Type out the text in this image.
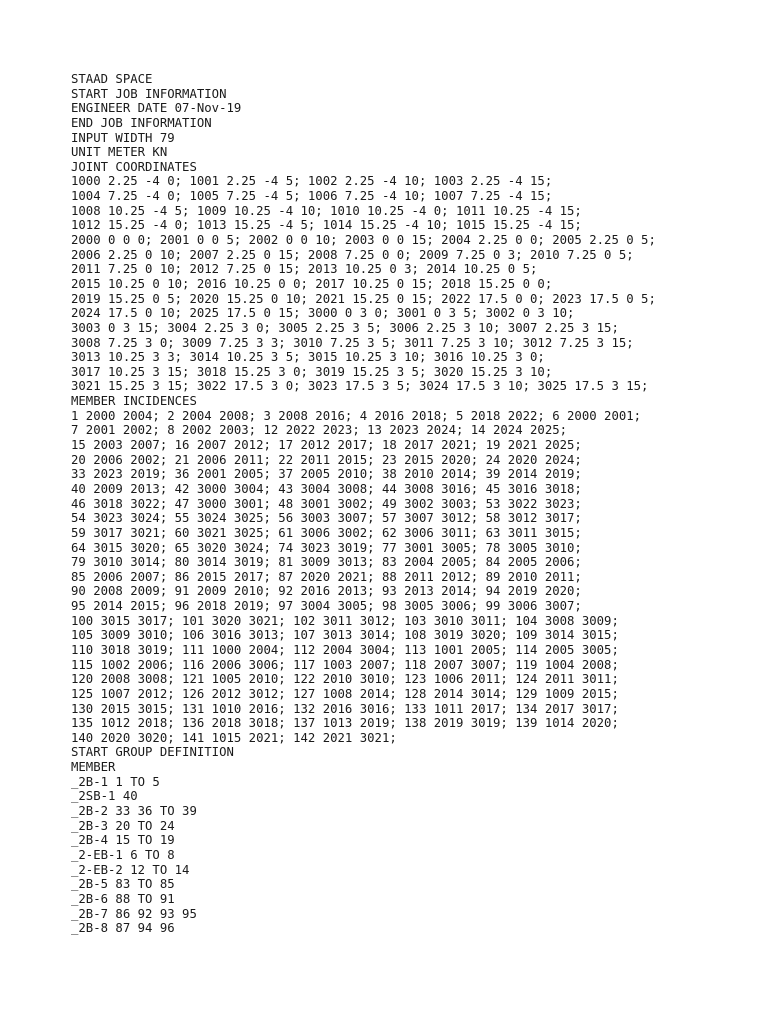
STAAD SPACE
START JOB INFORMATION
ENGINEER DATE 07-Nov-19
END JOB INFORMATION
INPUT WIDTH 79
UNIT METER KN
JOINT COORDINATES
1000 2.25 -4 0; 1001 2.25 -4 5; 1002 2.25 -4 10; 1003 2.25 -4 15;
1004 7.25 -4 0; 1005 7.25 -4 5; 1006 7.25 -4 10; 1007 7.25 -4 15;
1008 10.25 -4 5; 1009 10.25 -4 10; 1010 10.25 -4 0; 1011 10.25 -4 15;
1012 15.25 -4 0; 1013 15.25 -4 5; 1014 15.25 -4 10; 1015 15.25 -4 15;
2000 0 0 0; 2001 0 0 5; 2002 0 0 10; 2003 0 0 15; 2004 2.25 0 0; 2005 2.25 0 5;
2006 2.25 0 10; 2007 2.25 0 15; 2008 7.25 0 0; 2009 7.25 0 3; 2010 7.25 0 5;
2011 7.25 0 10; 2012 7.25 0 15; 2013 10.25 0 3; 2014 10.25 0 5;
2015 10.25 0 10; 2016 10.25 0 0; 2017 10.25 0 15; 2018 15.25 0 0;
2019 15.25 0 5; 2020 15.25 0 10; 2021 15.25 0 15; 2022 17.5 0 0; 2023 17.5 0 5;
2024 17.5 0 10; 2025 17.5 0 15; 3000 0 3 0; 3001 0 3 5; 3002 0 3 10;
3003 0 3 15; 3004 2.25 3 0; 3005 2.25 3 5; 3006 2.25 3 10; 3007 2.25 3 15;
3008 7.25 3 0; 3009 7.25 3 3; 3010 7.25 3 5; 3011 7.25 3 10; 3012 7.25 3 15;
3013 10.25 3 3; 3014 10.25 3 5; 3015 10.25 3 10; 3016 10.25 3 0;
3017 10.25 3 15; 3018 15.25 3 0; 3019 15.25 3 5; 3020 15.25 3 10;
3021 15.25 3 15; 3022 17.5 3 0; 3023 17.5 3 5; 3024 17.5 3 10; 3025 17.5 3 15;
MEMBER INCIDENCES
1 2000 2004; 2 2004 2008; 3 2008 2016; 4 2016 2018; 5 2018 2022; 6 2000 2001;
7 2001 2002; 8 2002 2003; 12 2022 2023; 13 2023 2024; 14 2024 2025;
15 2003 2007; 16 2007 2012; 17 2012 2017; 18 2017 2021; 19 2021 2025;
20 2006 2002; 21 2006 2011; 22 2011 2015; 23 2015 2020; 24 2020 2024;
33 2023 2019; 36 2001 2005; 37 2005 2010; 38 2010 2014; 39 2014 2019;
40 2009 2013; 42 3000 3004; 43 3004 3008; 44 3008 3016; 45 3016 3018;
46 3018 3022; 47 3000 3001; 48 3001 3002; 49 3002 3003; 53 3022 3023;
54 3023 3024; 55 3024 3025; 56 3003 3007; 57 3007 3012; 58 3012 3017;
59 3017 3021; 60 3021 3025; 61 3006 3002; 62 3006 3011; 63 3011 3015;
64 3015 3020; 65 3020 3024; 74 3023 3019; 77 3001 3005; 78 3005 3010;
79 3010 3014; 80 3014 3019; 81 3009 3013; 83 2004 2005; 84 2005 2006;
85 2006 2007; 86 2015 2017; 87 2020 2021; 88 2011 2012; 89 2010 2011;
90 2008 2009; 91 2009 2010; 92 2016 2013; 93 2013 2014; 94 2019 2020;
95 2014 2015; 96 2018 2019; 97 3004 3005; 98 3005 3006; 99 3006 3007;
100 3015 3017; 101 3020 3021; 102 3011 3012; 103 3010 3011; 104 3008 3009;
105 3009 3010; 106 3016 3013; 107 3013 3014; 108 3019 3020; 109 3014 3015;
110 3018 3019; 111 1000 2004; 112 2004 3004; 113 1001 2005; 114 2005 3005;
115 1002 2006; 116 2006 3006; 117 1003 2007; 118 2007 3007; 119 1004 2008;
120 2008 3008; 121 1005 2010; 122 2010 3010; 123 1006 2011; 124 2011 3011;
125 1007 2012; 126 2012 3012; 127 1008 2014; 128 2014 3014; 129 1009 2015;
130 2015 3015; 131 1010 2016; 132 2016 3016; 133 1011 2017; 134 2017 3017;
135 1012 2018; 136 2018 3018; 137 1013 2019; 138 2019 3019; 139 1014 2020;
140 2020 3020; 141 1015 2021; 142 2021 3021;
START GROUP DEFINITION
MEMBER
_2B-1 1 TO 5
_2SB-1 40
_2B-2 33 36 TO 39
_2B-3 20 TO 24
_2B-4 15 TO 19
_2-EB-1 6 TO 8
_2-EB-2 12 TO 14
_2B-5 83 TO 85
_2B-6 88 TO 91
_2B-7 86 92 93 95
_2B-8 87 94 96
